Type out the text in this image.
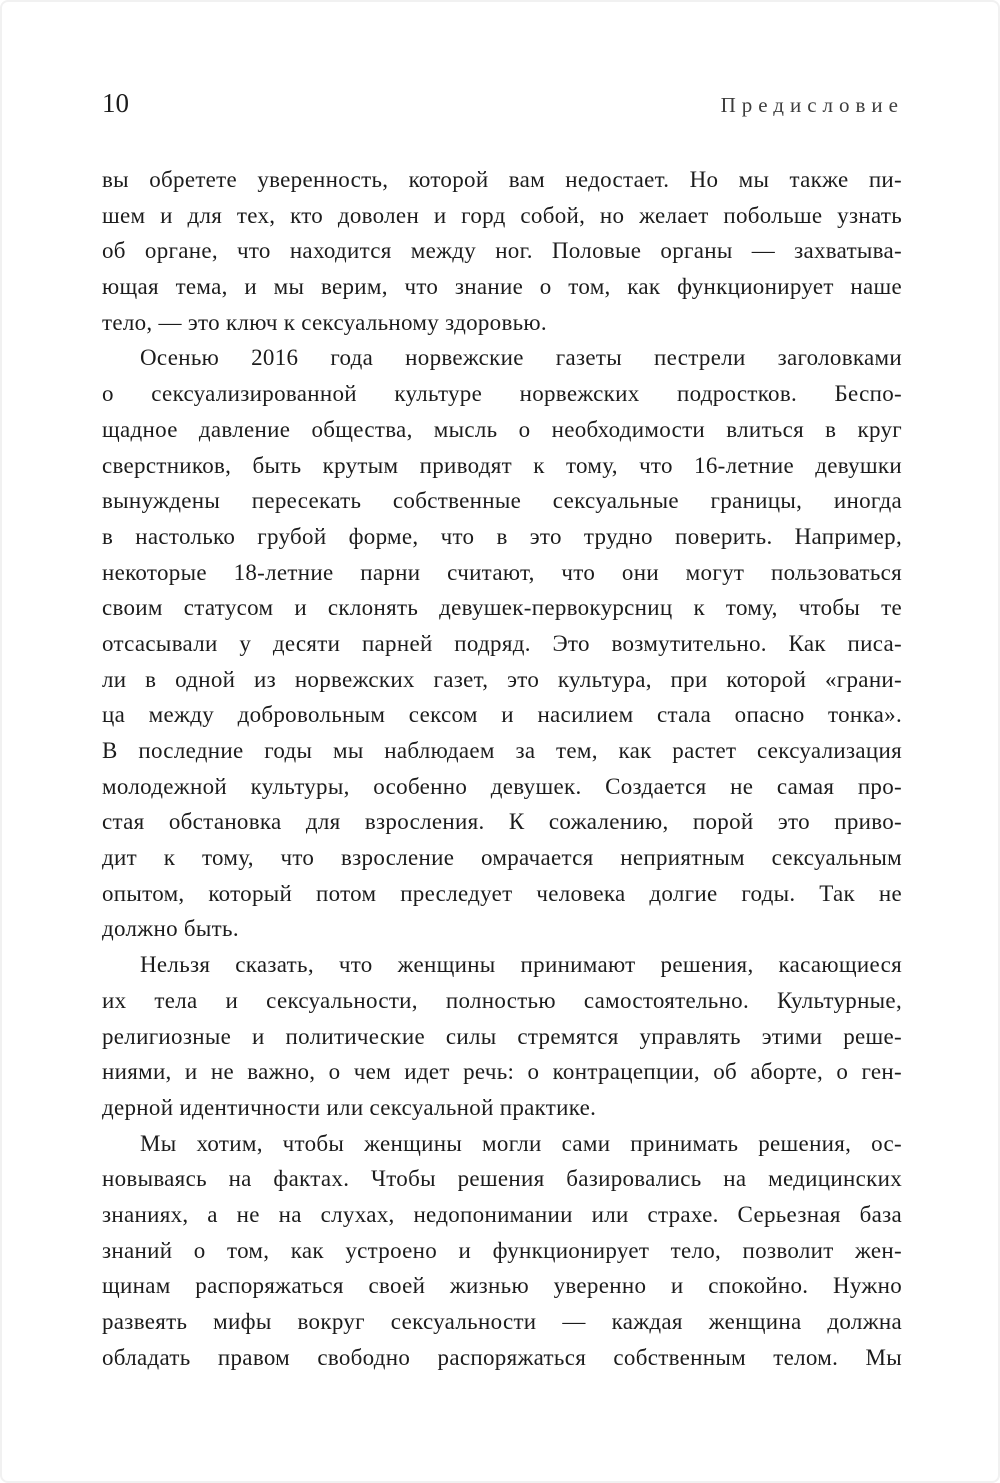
10	Предисловие
вы обретете уверенность, которой вам недостает. Но мы также пи-
шем и для тех, кто доволен и горд собой, но желает побольше узнать
об органе, что находится между ног. Половые органы — захватыва-
ющая тема, и мы верим, что знание о том, как функционирует наше
тело, — это ключ к сексуальному здоровью.
Осенью 2016 года норвежские газеты пестрели заголовками
о сексуализированной культуре норвежских подростков. Беспо-
щадное давление общества, мысль о необходимости влиться в круг
сверстников, быть крутым приводят к тому, что 16-летние девушки
вынуждены пересекать собственные сексуальные границы, иногда
в настолько грубой форме, что в это трудно поверить. Например,
некоторые 18-летние парни считают, что они могут пользоваться
своим статусом и склонять девушек-первокурсниц к тому, чтобы те
отсасывали у десяти парней подряд. Это возмутительно. Как писа-
ли в одной из норвежских газет, это культура, при которой «грани-
ца между добровольным сексом и насилием стала опасно тонка».
В последние годы мы наблюдаем за тем, как растет сексуализация
молодежной культуры, особенно девушек. Создается не самая про-
стая обстановка для взросления. К сожалению, порой это приво-
дит к тому, что взросление омрачается неприятным сексуальным
опытом, который потом преследует человека долгие годы. Так не
должно быть.
Нельзя сказать, что женщины принимают решения, касающиеся
их тела и сексуальности, полностью самостоятельно. Культурные,
религиозные и политические силы стремятся управлять этими реше-
ниями, и не важно, о чем идет речь: о контрацепции, об аборте, о ген-
дерной идентичности или сексуальной практике.
Мы хотим, чтобы женщины могли сами принимать решения, ос-
новываясь на фактах. Чтобы решения базировались на медицинских
знаниях, а не на слухах, недопонимании или страхе. Серьезная база
знаний о том, как устроено и функционирует тело, позволит жен-
щинам распоряжаться своей жизнью уверенно и спокойно. Нужно
развеять мифы вокруг сексуальности — каждая женщина должна
обладать правом свободно распоряжаться собственным телом. Мы
